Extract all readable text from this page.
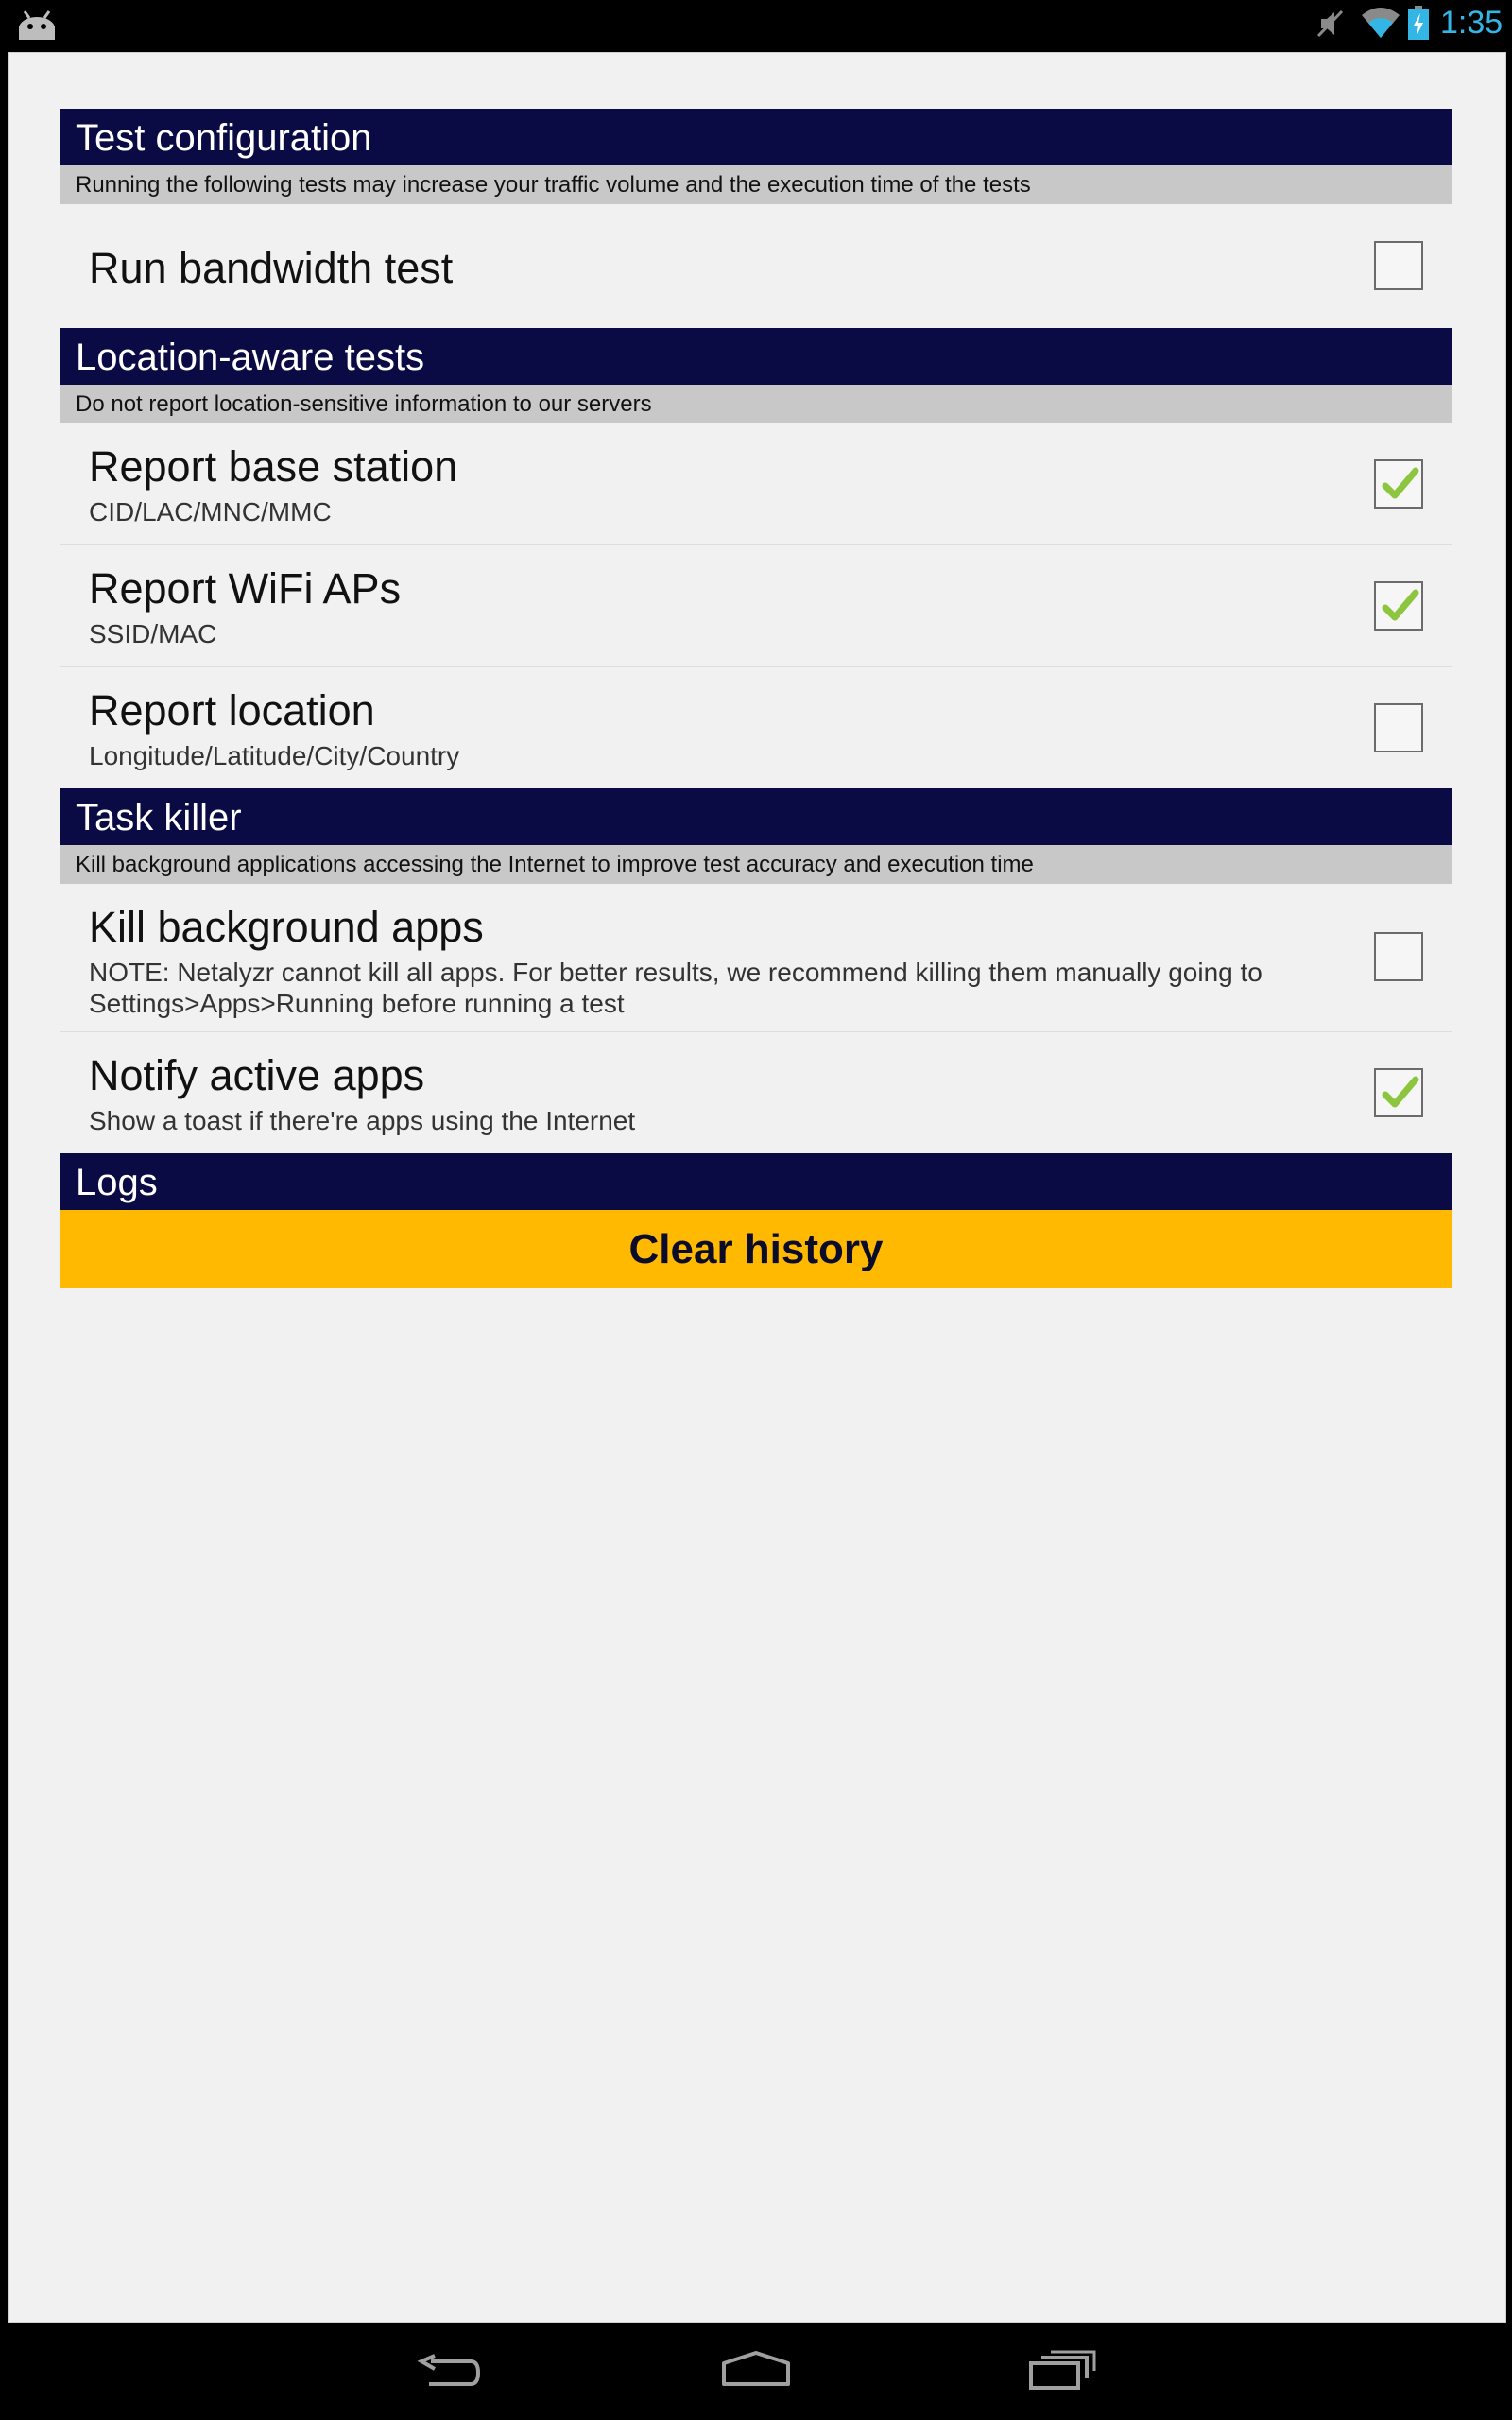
1:35
Test configuration
Running the following tests may increase your traffic volume and the execution time of the tests
Run bandwidth test
Location-aware tests
Do not report location-sensitive information to our servers
Report base station
CID/LAC/MNC/MMC
Report WiFi APs
SSID/MAC
Report location
Longitude/Latitude/City/Country
Task killer
Kill background applications accessing the Internet to improve test accuracy and execution time
Kill background apps
NOTE: Netalyzr cannot kill all apps. For better results, we recommend killing them manually going to Settings>Apps>Running before running a test
Notify active apps
Show a toast if there're apps using the Internet
Logs
Clear history
